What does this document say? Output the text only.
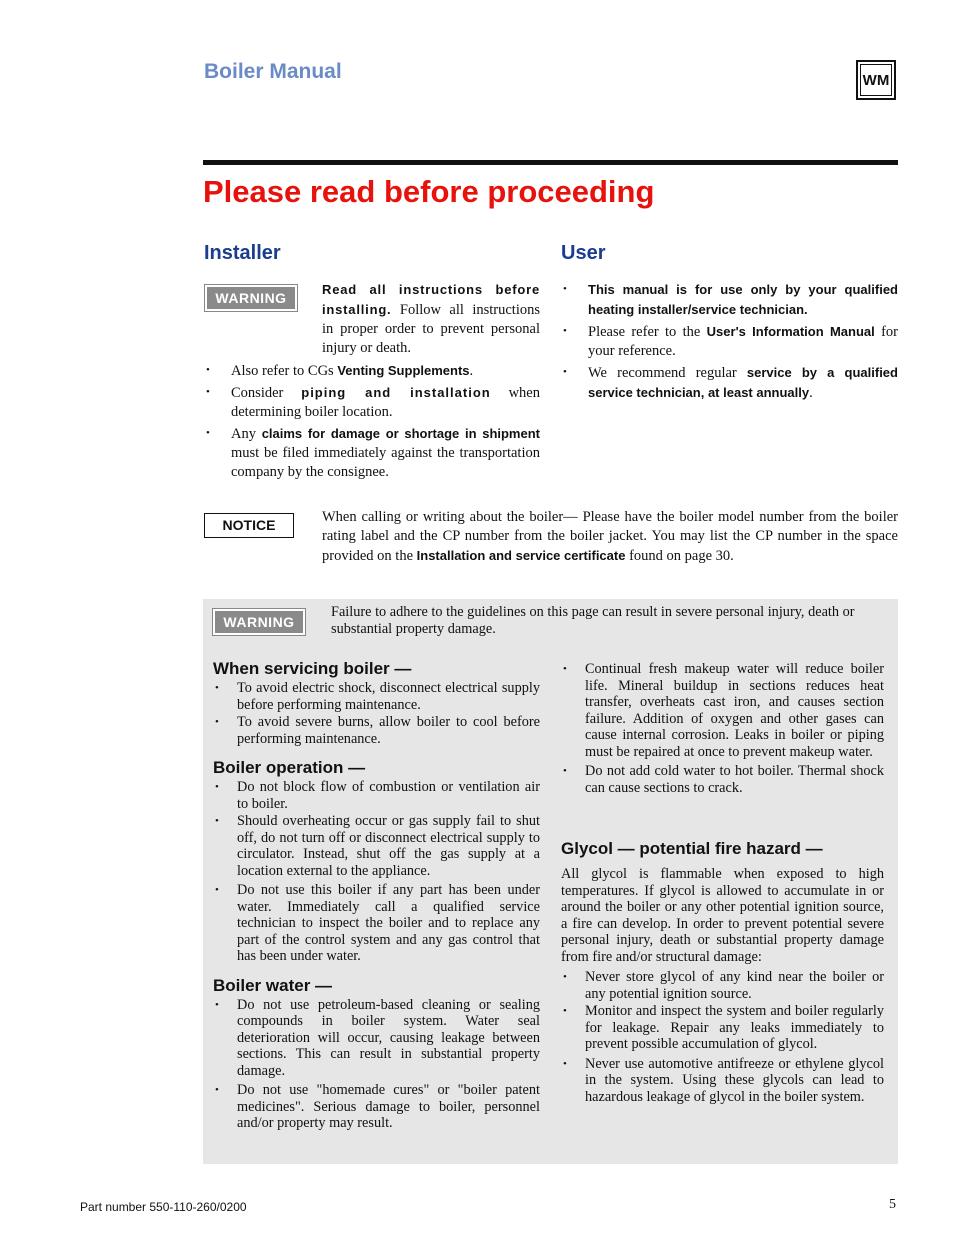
Boiler Manual	WM
Please read before proceeding
Installer
WARNING
Read all instructions before installing. Follow all instructions in proper order to prevent personal injury or death.
• Also refer to CGs Venting Supplements.
• Consider piping and installation when determining boiler location.
• Any claims for damage or shortage in shipment must be filed immediately against the transportation company by the consignee.
User
• This manual is for use only by your qualified heating installer/service technician.
• Please refer to the User's Information Manual for your reference.
• We recommend regular service by a qualified service technician, at least annually.
NOTICE	When calling or writing about the boiler— Please have the boiler model number from the boiler rating label and the CP number from the boiler jacket. You may list the CP number in the space provided on the Installation and service certificate found on page 30.
WARNING
Failure to adhere to the guidelines on this page can result in severe personal injury, death or substantial property damage.
When servicing boiler —
• To avoid electric shock, disconnect electrical supply before performing maintenance.
• To avoid severe burns, allow boiler to cool before performing maintenance.
Boiler operation —
• Do not block flow of combustion or ventilation air to boiler.
• Should overheating occur or gas supply fail to shut off, do not turn off or disconnect electrical supply to circulator. Instead, shut off the gas supply at a location external to the appliance.
• Do not use this boiler if any part has been under water. Immediately call a qualified service technician to inspect the boiler and to replace any part of the control system and any gas control that has been under water.
Boiler water —
• Do not use petroleum-based cleaning or sealing compounds in boiler system. Water seal deterioration will occur, causing leakage between sections. This can result in substantial property damage.
• Do not use "homemade cures" or "boiler patent medicines". Serious damage to boiler, personnel and/or property may result.
• Continual fresh makeup water will reduce boiler life. Mineral buildup in sections reduces heat transfer, overheats cast iron, and causes section failure. Addition of oxygen and other gases can cause internal corrosion. Leaks in boiler or piping must be repaired at once to prevent makeup water.
• Do not add cold water to hot boiler. Thermal shock can cause sections to crack.
Glycol — potential fire hazard —
All glycol is flammable when exposed to high temperatures. If glycol is allowed to accumulate in or around the boiler or any other potential ignition source, a fire can develop. In order to prevent potential severe personal injury, death or substantial property damage from fire and/or structural damage:
• Never store glycol of any kind near the boiler or any potential ignition source.
• Monitor and inspect the system and boiler regularly for leakage. Repair any leaks immediately to prevent possible accumulation of glycol.
• Never use automotive antifreeze or ethylene glycol in the system. Using these glycols can lead to hazardous leakage of glycol in the boiler system.
Part number 550-110-260/0200	5
